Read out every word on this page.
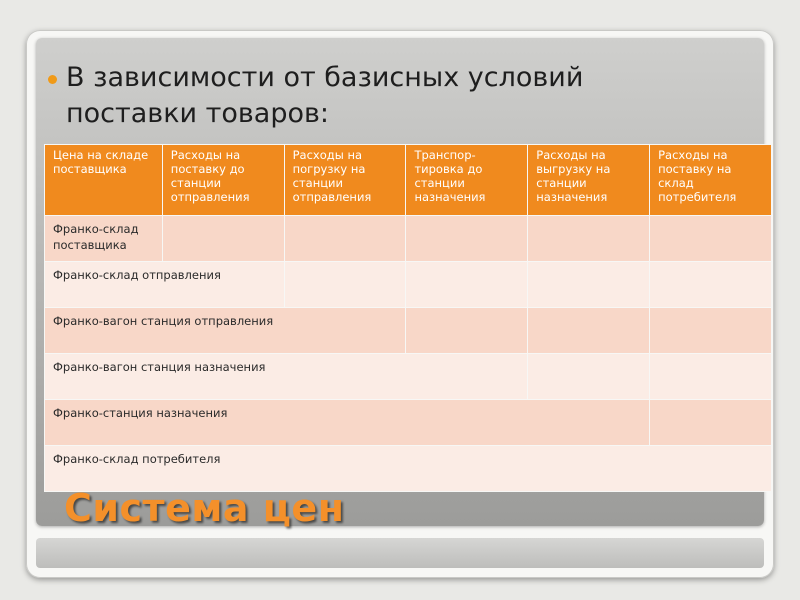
В зависимости от базисных условий
поставки товаров:
Цена на складе поставщика	Расходы на поставку до станции отправления	Расходы на погрузку на станции отправления	Транспор-тировка до станции назначения	Расходы на выгрузку на станции назначения	Расходы на поставку на склад потребителя
Франко-склад поставщика					
Франко-склад отправления					
Франко-вагон станция отправления					
Франко-вагон станция назначения					
Франко-станция назначения					
Франко-склад потребителя					
Система цен
